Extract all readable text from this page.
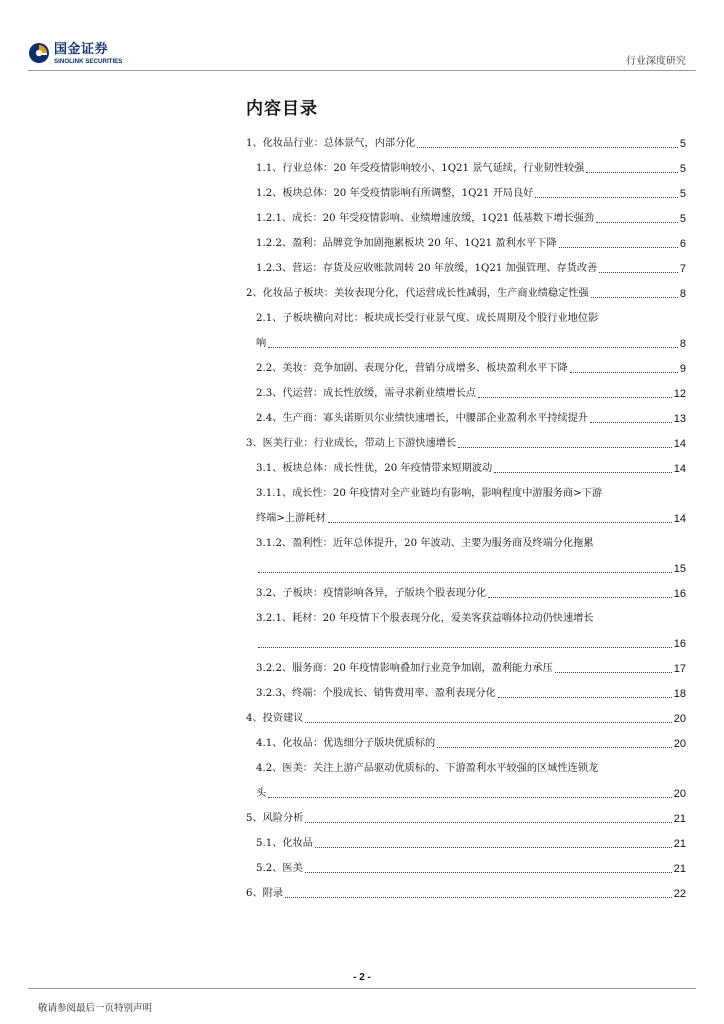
国金证券
SINOLINK SECURITIES	行业深度研究
内容目录
1、化妆品行业：总体景气，内部分化	5
1.1、行业总体：20 年受疫情影响较小、1Q21 景气延续，行业韧性较强	5
1.2、板块总体：20 年受疫情影响有所调整，1Q21 开局良好	5
1.2.1、成长：20 年受疫情影响、业绩增速放缓，1Q21 低基数下增长强劲	5
1.2.2、盈利：品牌竞争加剧拖累板块 20 年、1Q21 盈利水平下降	6
1.2.3、营运：存货及应收账款周转 20 年放缓，1Q21 加强管理、存货改善	7
2、化妆品子板块：美妆表现分化，代运营成长性减弱，生产商业绩稳定性强	8
2.1、子板块横向对比：板块成长受行业景气度、成长周期及个股行业地位影
响	8
2.2、美妆：竞争加剧、表现分化，营销分成增多、板块盈利水平下降	9
2.3、代运营：成长性放缓，需寻求新业绩增长点	12
2.4、生产商：寡头诺斯贝尔业绩快速增长，中腰部企业盈利水平持续提升	13
3、医美行业：行业成长，带动上下游快速增长	14
3.1、板块总体：成长性优，20 年疫情带来短期波动	14
3.1.1、成长性：20 年疫情对全产业链均有影响，影响程度中游服务商>下游
终端>上游耗材	14
3.1.2、盈利性：近年总体提升，20 年波动、主要为服务商及终端分化拖累
15
3.2、子板块：疫情影响各异，子版块个股表现分化	16
3.2.1、耗材：20 年疫情下个股表现分化，爱美客获益嗨体拉动仍快速增长
16
3.2.2、服务商：20 年疫情影响叠加行业竞争加剧，盈利能力承压	17
3.2.3、终端：个股成长、销售费用率、盈利表现分化	18
4、投资建议	20
4.1、化妆品：优选细分子版块优质标的	20
4.2、医美：关注上游产品驱动优质标的、下游盈利水平较强的区域性连锁龙
头	20
5、风险分析	21
5.1、化妆品	21
5.2、医美	21
6、附录	22
- 2 -
敬请参阅最后一页特别声明
